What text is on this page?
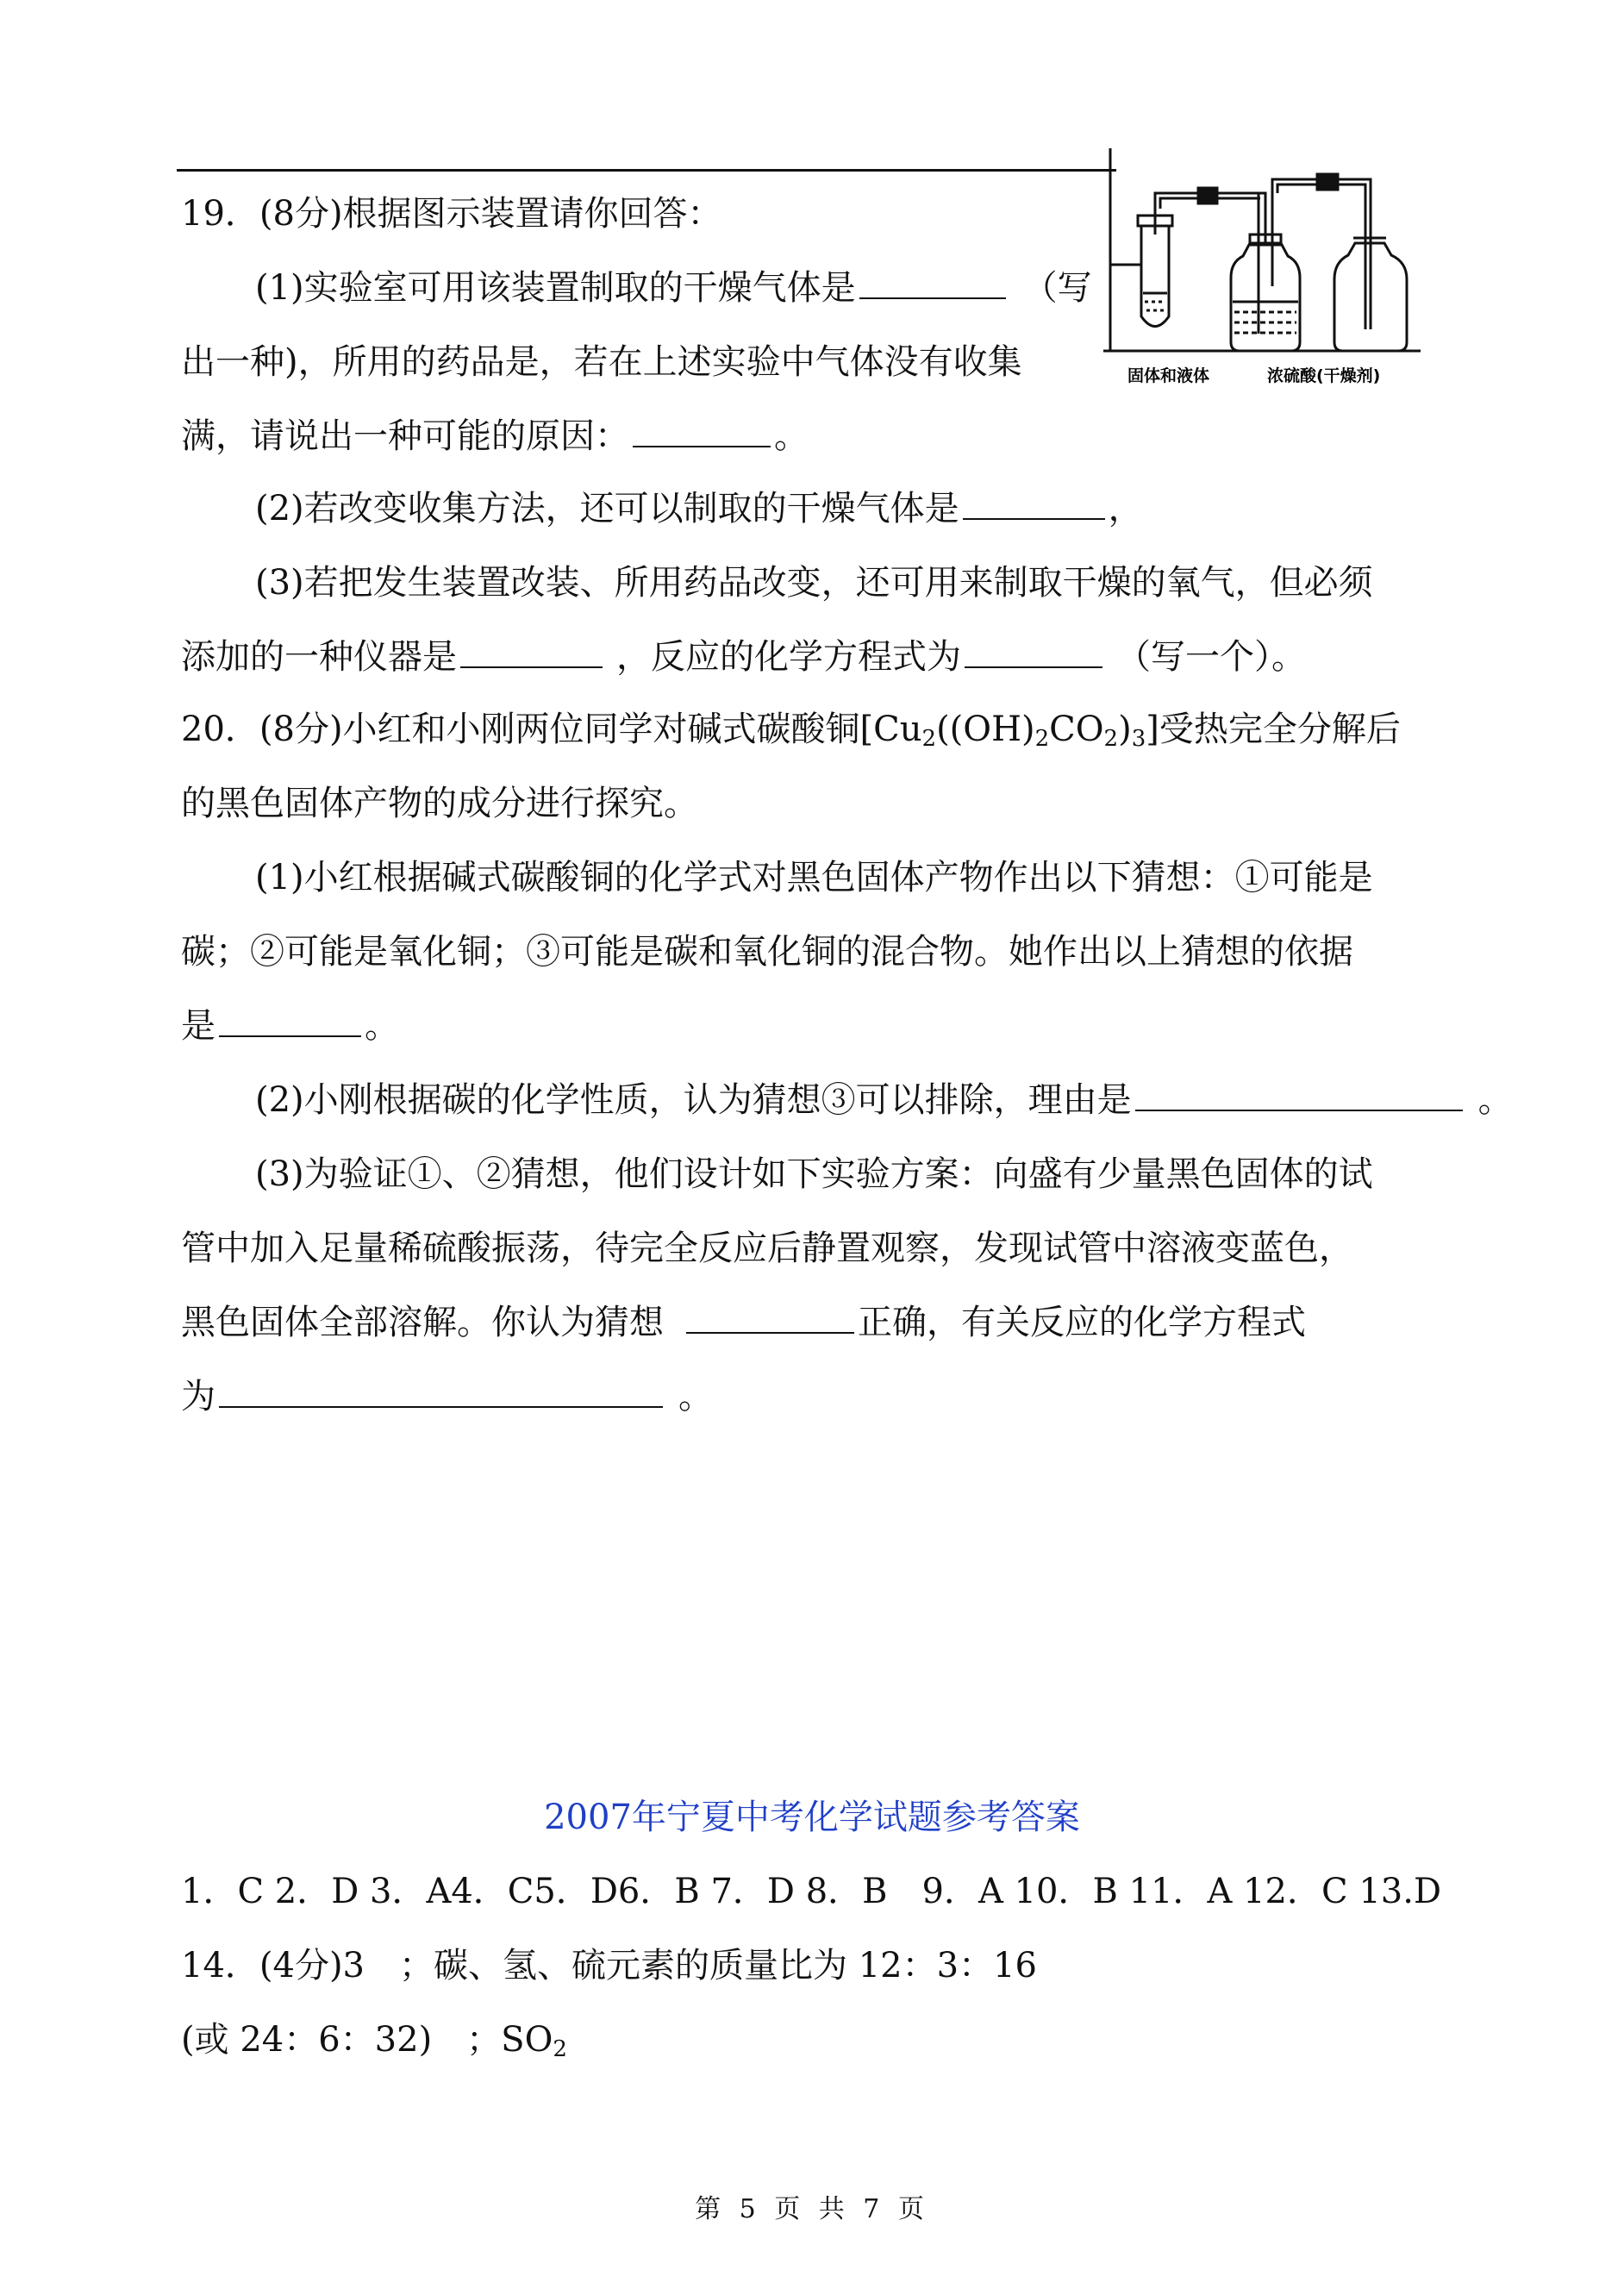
19．(8分)根据图示装置请你回答：
(1)实验室可用该装置制取的干燥气体是	（写
出一种)，所用的药品是，若在上述实验中气体没有收集
满，请说出一种可能的原因：	。
(2)若改变收集方法，还可以制取的干燥气体是	，
(3)若把发生装置改装、所用药品改变，还可用来制取干燥的氧气，但必须
添加的一种仪器是	，反应的化学方程式为	（写一个）。
固体和液体	浓硫酸(干燥剂)
20．(8分)小红和小刚两位同学对碱式碳酸铜$[Cu_2((OH)_2CO_2)_3]$受热完全分解后
的黑色固体产物的成分进行探究。
(1)小红根据碱式碳酸铜的化学式对黑色固体产物作出以下猜想：①可能是
碳；②可能是氧化铜；③可能是碳和氧化铜的混合物。她作出以上猜想的依据
是	。
(2)小刚根据碳的化学性质，认为猜想③可以排除，理由是	。
(3)为验证①、②猜想，他们设计如下实验方案：向盛有少量黑色固体的试
管中加入足量稀硫酸振荡，待完全反应后静置观察，发现试管中溶液变蓝色，
黑色固体全部溶解。你认为猜想	正确，有关反应的化学方程式
为	。
2007年宁夏中考化学试题参考答案
1．C 2．D 3．A4．C5．D6．B 7．D 8．B　9．A 10．B 11．A 12．C 13.D
14．(4分)3　；碳、氢、硫元素的质量比为 12：3：16
(或 24：6：32)　；$SO_2$
第 5 页 共 7 页
